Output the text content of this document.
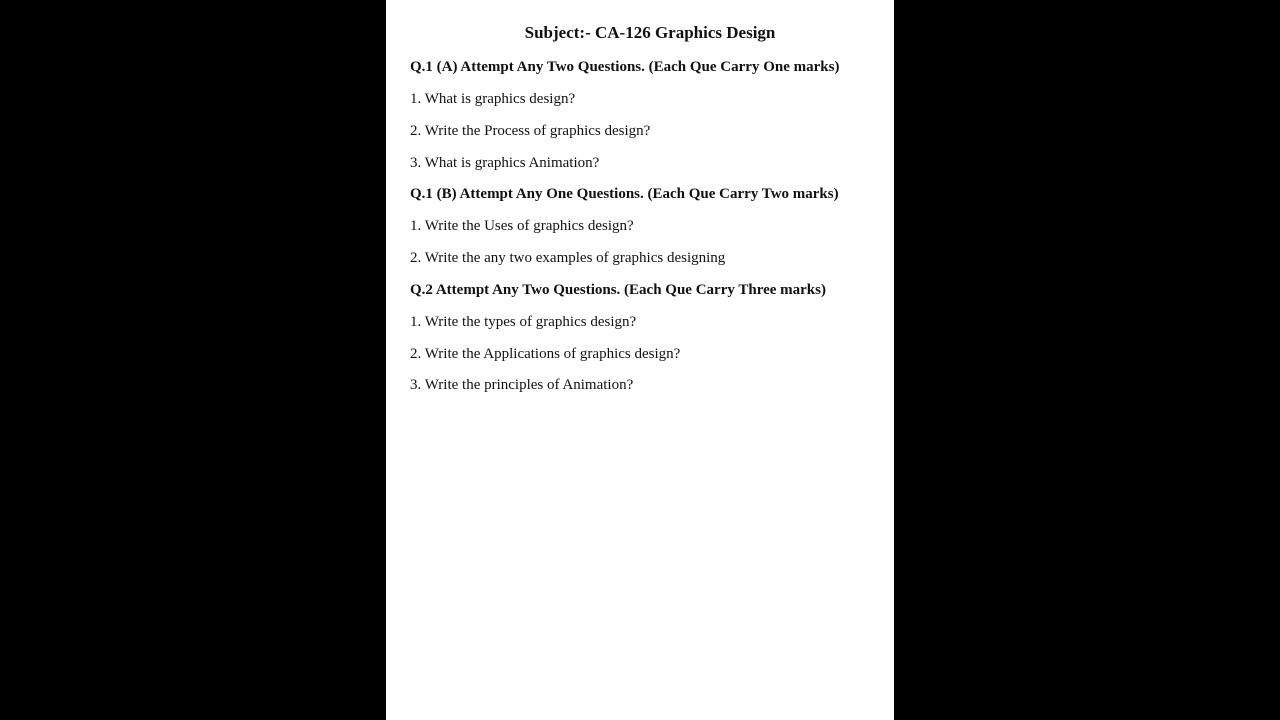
Subject:- CA-126 Graphics Design
Q.1 (A) Attempt Any Two Questions. (Each Que Carry One marks)
1. What is graphics design?
2. Write the Process of graphics design?
3. What is graphics Animation?
Q.1 (B) Attempt Any One Questions. (Each Que Carry Two marks)
1. Write the Uses of graphics design?
2. Write the any two examples of graphics designing
Q.2 Attempt Any Two Questions. (Each Que Carry Three marks)
1. Write the types of graphics design?
2. Write the Applications of graphics design?
3. Write the principles of Animation?
